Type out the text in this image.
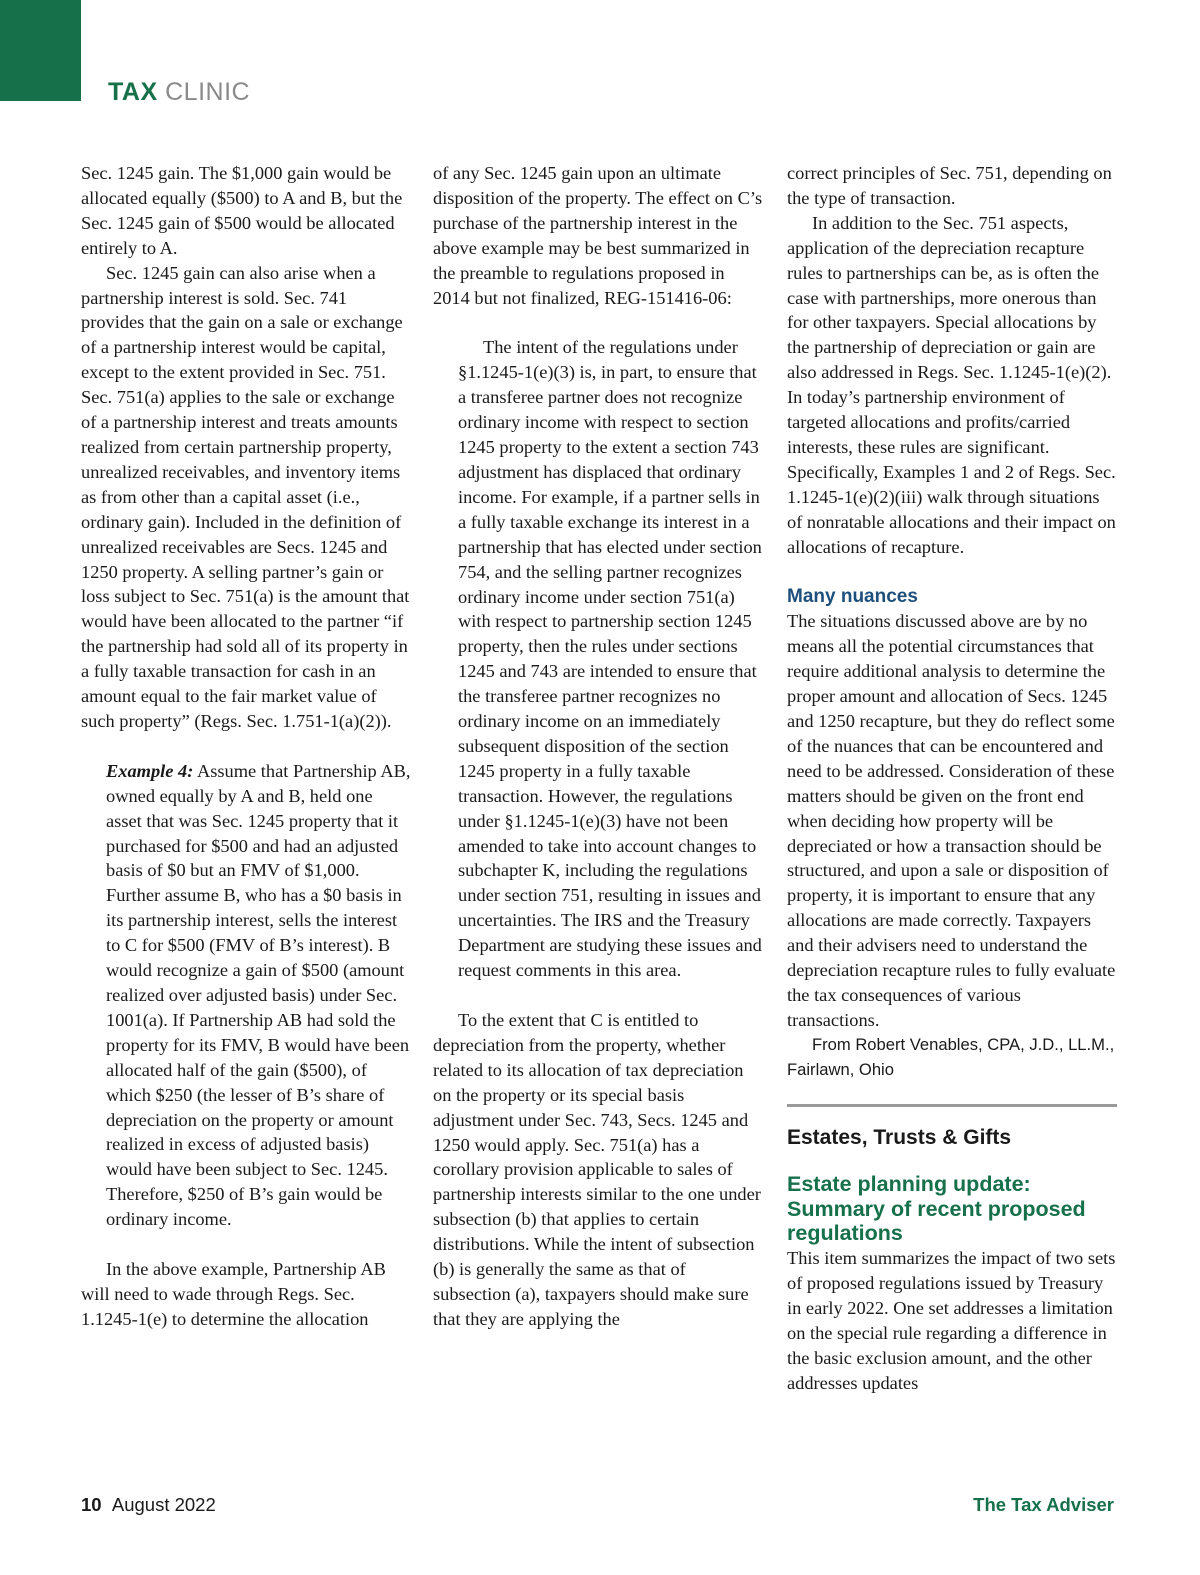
TAX CLINIC

Sec. 1245 gain. The $1,000 gain would be allocated equally ($500) to A and B, but the Sec. 1245 gain of $500 would be allocated entirely to A.

Sec. 1245 gain can also arise when a partnership interest is sold. Sec. 741 provides that the gain on a sale or exchange of a partnership interest would be capital, except to the extent provided in Sec. 751. Sec. 751(a) applies to the sale or exchange of a partnership interest and treats amounts realized from certain partnership property, unrealized receivables, and inventory items as from other than a capital asset (i.e., ordinary gain). Included in the definition of unrealized receivables are Secs. 1245 and 1250 property. A selling partner’s gain or loss subject to Sec. 751(a) is the amount that would have been allocated to the partner “if the partnership had sold all of its property in a fully taxable transaction for cash in an amount equal to the fair market value of such property” (Regs. Sec. 1.751-1(a)(2)).

Example 4: Assume that Partnership AB, owned equally by A and B, held one asset that was Sec. 1245 property that it purchased for $500 and had an adjusted basis of $0 but an FMV of $1,000. Further assume B, who has a $0 basis in its partnership interest, sells the interest to C for $500 (FMV of B’s interest). B would recognize a gain of $500 (amount realized over adjusted basis) under Sec. 1001(a). If Partnership AB had sold the property for its FMV, B would have been allocated half of the gain ($500), of which $250 (the lesser of B’s share of depreciation on the property or amount realized in excess of adjusted basis) would have been subject to Sec. 1245. Therefore, $250 of B’s gain would be ordinary income.

In the above example, Partnership AB will need to wade through Regs. Sec. 1.1245-1(e) to determine the allocation

of any Sec. 1245 gain upon an ultimate disposition of the property. The effect on C’s purchase of the partnership interest in the above example may be best summarized in the preamble to regulations proposed in 2014 but not finalized, REG-151416-06:

The intent of the regulations under §1.1245-1(e)(3) is, in part, to ensure that a transferee partner does not recognize ordinary income with respect to section 1245 property to the extent a section 743 adjustment has displaced that ordinary income. For example, if a partner sells in a fully taxable exchange its interest in a partnership that has elected under section 754, and the selling partner recognizes ordinary income under section 751(a) with respect to partnership section 1245 property, then the rules under sections 1245 and 743 are intended to ensure that the transferee partner recognizes no ordinary income on an immediately subsequent disposition of the section 1245 property in a fully taxable transaction. However, the regulations under §1.1245-1(e)(3) have not been amended to take into account changes to subchapter K, including the regulations under section 751, resulting in issues and uncertainties. The IRS and the Treasury Department are studying these issues and request comments in this area.

To the extent that C is entitled to depreciation from the property, whether related to its allocation of tax depreciation on the property or its special basis adjustment under Sec. 743, Secs. 1245 and 1250 would apply. Sec. 751(a) has a corollary provision applicable to sales of partnership interests similar to the one under subsection (b) that applies to certain distributions. While the intent of subsection (b) is generally the same as that of subsection (a), taxpayers should make sure that they are applying the

correct principles of Sec. 751, depending on the type of transaction.

In addition to the Sec. 751 aspects, application of the depreciation recapture rules to partnerships can be, as is often the case with partnerships, more onerous than for other taxpayers. Special allocations by the partnership of depreciation or gain are also addressed in Regs. Sec. 1.1245-1(e)(2). In today’s partnership environment of targeted allocations and profits/carried interests, these rules are significant. Specifically, Examples 1 and 2 of Regs. Sec. 1.1245-1(e)(2)(iii) walk through situations of nonratable allocations and their impact on allocations of recapture.

Many nuances

The situations discussed above are by no means all the potential circumstances that require additional analysis to determine the proper amount and allocation of Secs. 1245 and 1250 recapture, but they do reflect some of the nuances that can be encountered and need to be addressed. Consideration of these matters should be given on the front end when deciding how property will be depreciated or how a transaction should be structured, and upon a sale or disposition of property, it is important to ensure that any allocations are made correctly. Taxpayers and their advisers need to understand the depreciation recapture rules to fully evaluate the tax consequences of various transactions.

From Robert Venables, CPA, J.D., LL.M., Fairlawn, Ohio

Estates, Trusts & Gifts

Estate planning update: Summary of recent proposed regulations

This item summarizes the impact of two sets of proposed regulations issued by Treasury in early 2022. One set addresses a limitation on the special rule regarding a difference in the basic exclusion amount, and the other addresses updates

10 August 2022	The Tax Adviser
